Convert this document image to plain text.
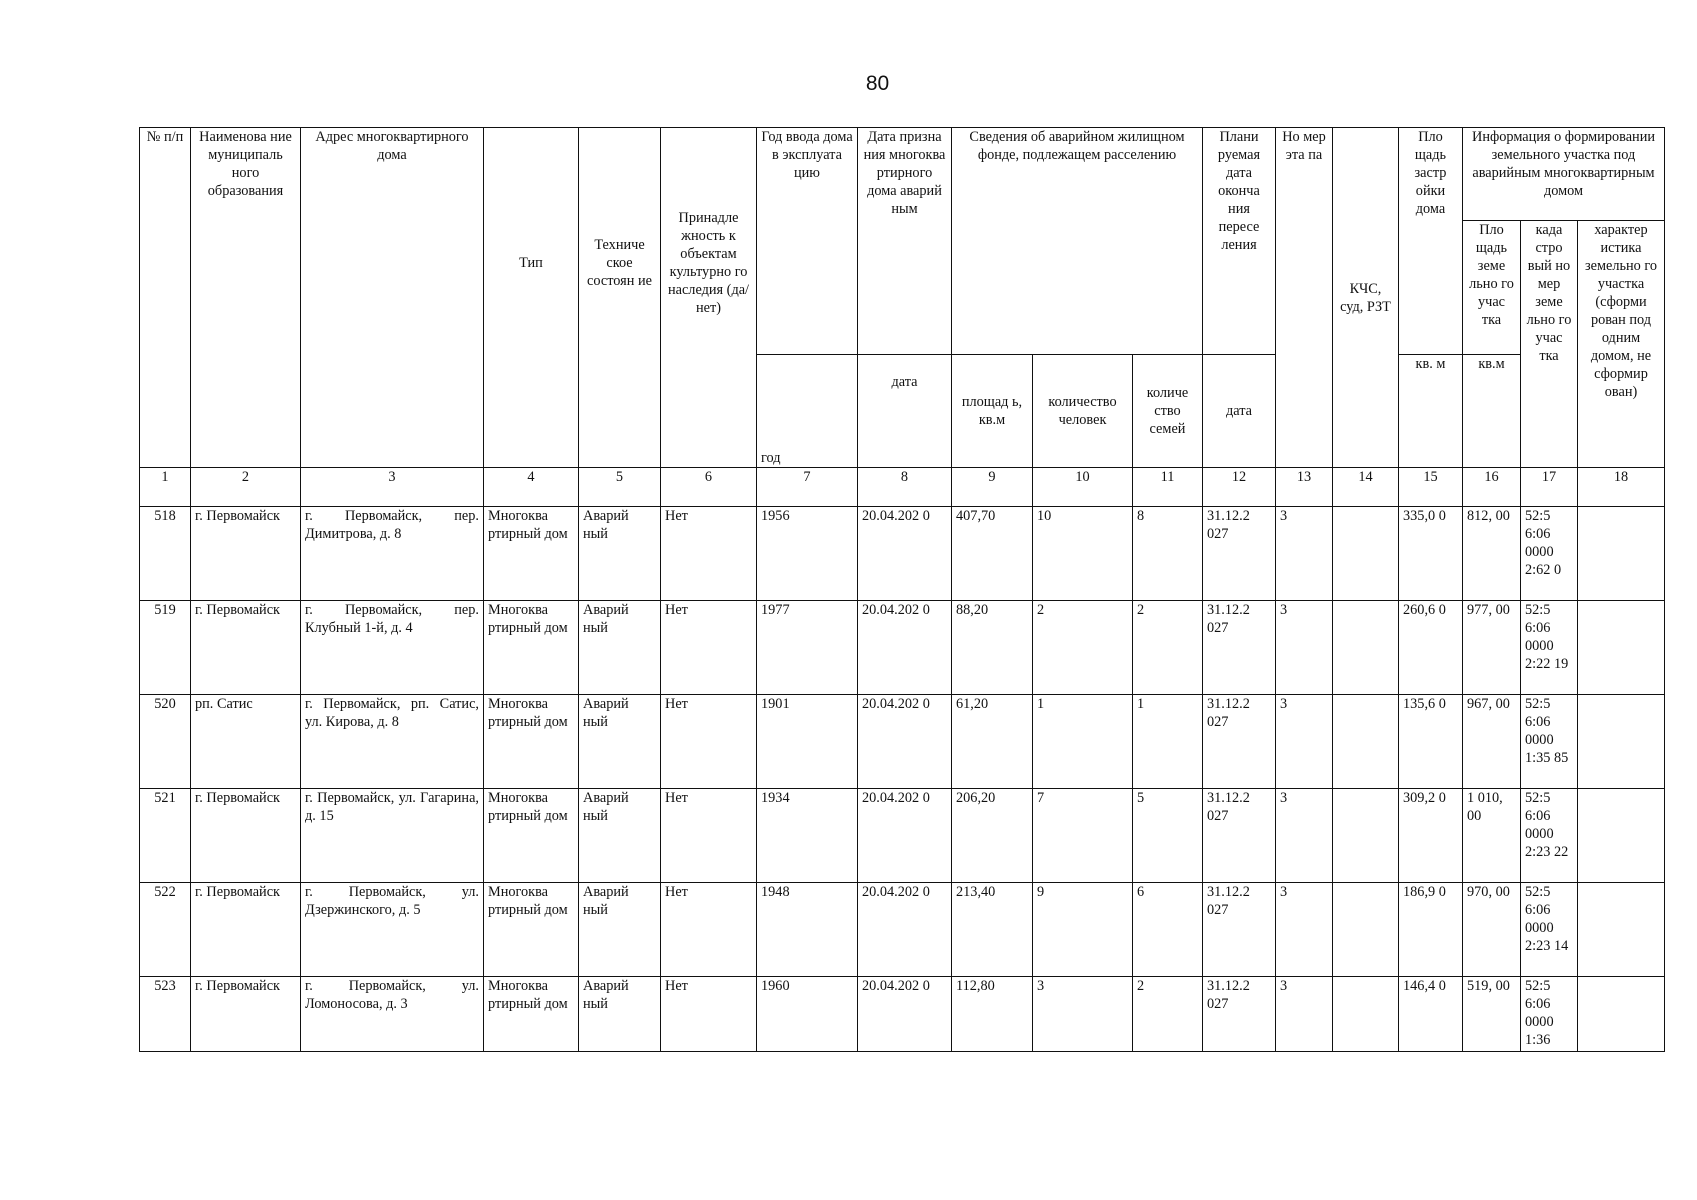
80
№ п/п	Наименова ние муниципаль ного образования	Адрес многоквартирного дома	Тип	Техниче ское состоян ие	Принадле жность к объектам культурно го наследия (да/нет)	Год ввода дома в эксплуата цию	Дата призна ния многоква ртирного дома аварий ным	Сведения об аварийном жилищном фонде, подлежащем расселению			Плани руемая дата оконча ния пересе ления	Но мер эта па	КЧС, суд, РЗТ	Пло щадь застр ойки дома	Информация о формировании земельного участка под аварийным многоквартирным домом		
															Пло щадь земе льно го учас тка	када стро вый но мер земе льно го учас тка	характер истика земельно го участка (сформи рован под одним домом, не сформир ован)
						год	дата	площад ь, кв.м	количество человек	количе ство семей	дата			кв. м	кв.м		
1	2	3	4	5	6	7	8	9	10	11	12	13	14	15	16	17	18
518	г. Первомайск	г. Первомайск, пер. Димитрова, д. 8	Многоква ртирный дом	Аварий ный	Нет	1956	20.04.202 0	407,70	10	8	31.12.2 027	3		335,0 0	812, 00	52:5 6:06 0000 2:62 0	
519	г. Первомайск	г. Первомайск, пер. Клубный 1-й, д. 4	Многоква ртирный дом	Аварий ный	Нет	1977	20.04.202 0	88,20	2	2	31.12.2 027	3		260,6 0	977, 00	52:5 6:06 0000 2:22 19	
520	рп. Сатис	г. Первомайск, рп. Сатис, ул. Кирова, д. 8	Многоква ртирный дом	Аварий ный	Нет	1901	20.04.202 0	61,20	1	1	31.12.2 027	3		135,6 0	967, 00	52:5 6:06 0000 1:35 85	
521	г. Первомайск	г. Первомайск, ул. Гагарина, д. 15	Многоква ртирный дом	Аварий ный	Нет	1934	20.04.202 0	206,20	7	5	31.12.2 027	3		309,2 0	1 010, 00	52:5 6:06 0000 2:23 22	
522	г. Первомайск	г. Первомайск, ул. Дзержинского, д. 5	Многоква ртирный дом	Аварий ный	Нет	1948	20.04.202 0	213,40	9	6	31.12.2 027	3		186,9 0	970, 00	52:5 6:06 0000 2:23 14	
523	г. Первомайск	г. Первомайск, ул. Ломоносова, д. 3	Многоква ртирный дом	Аварий ный	Нет	1960	20.04.202 0	112,80	3	2	31.12.2 027	3		146,4 0	519, 00	52:5 6:06 0000 1:36	
